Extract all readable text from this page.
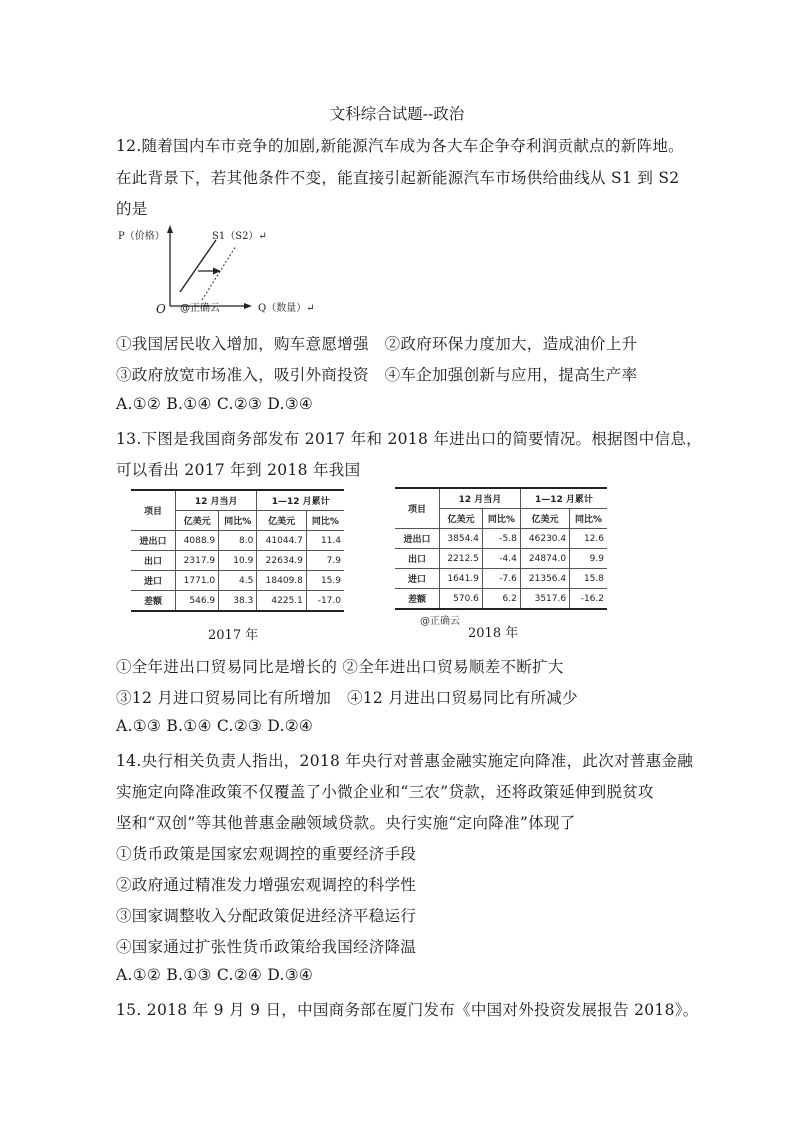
文科综合试题--政治
12.随着国内车市竞争的加剧,新能源汽车成为各大车企争夺利润贡献点的新阵地。
在此背景下，若其他条件不变，能直接引起新能源汽车市场供给曲线从 S1 到 S2
的是
P（价格）	S1（S2）↵
O @正确云	Q（数量）↵
①我国居民收入增加，购车意愿增强　②政府环保力度加大，造成油价上升
③政府放宽市场准入，吸引外商投资　④车企加强创新与应用，提高生产率
A.①② B.①④ C.②③ D.③④
13.下图是我国商务部发布 2017 年和 2018 年进出口的简要情况。根据图中信息，
可以看出 2017 年到 2018 年我国
项目	12 月当月		1—12 月累计	
	亿美元	同比%	亿美元	同比%
进出口	4088.9	8.0	41044.7	11.4
出口	2317.9	10.9	22634.9	7.9
进口	1771.0	4.5	18409.8	15.9
差额	546.9	38.3	4225.1	-17.0
2017 年
项目	12 月当月		1—12 月累计	
	亿美元	同比%	亿美元	同比%
进出口	3854.4	-5.8	46230.4	12.6
出口	2212.5	-4.4	24874.0	9.9
进口	1641.9	-7.6	21356.4	15.8
差额	570.6	6.2	3517.6	-16.2
@正确云
2018 年
①全年进出口贸易同比是增长的 ②全年进出口贸易顺差不断扩大
③12 月进口贸易同比有所增加　④12 月进出口贸易同比有所减少
A.①③ B.①④ C.②③ D.②④
14.央行相关负责人指出，2018 年央行对普惠金融实施定向降准，此次对普惠金融
实施定向降准政策不仅覆盖了小微企业和“三农”贷款，还将政策延伸到脱贫攻
坚和“双创”等其他普惠金融领域贷款。央行实施“定向降准”体现了
①货币政策是国家宏观调控的重要经济手段
②政府通过精准发力增强宏观调控的科学性
③国家调整收入分配政策促进经济平稳运行
④国家通过扩张性货币政策给我国经济降温
A.①② B.①③ C.②④ D.③④
15. 2018 年 9 月 9 日，中国商务部在厦门发布《中国对外投资发展报告 2018》。
